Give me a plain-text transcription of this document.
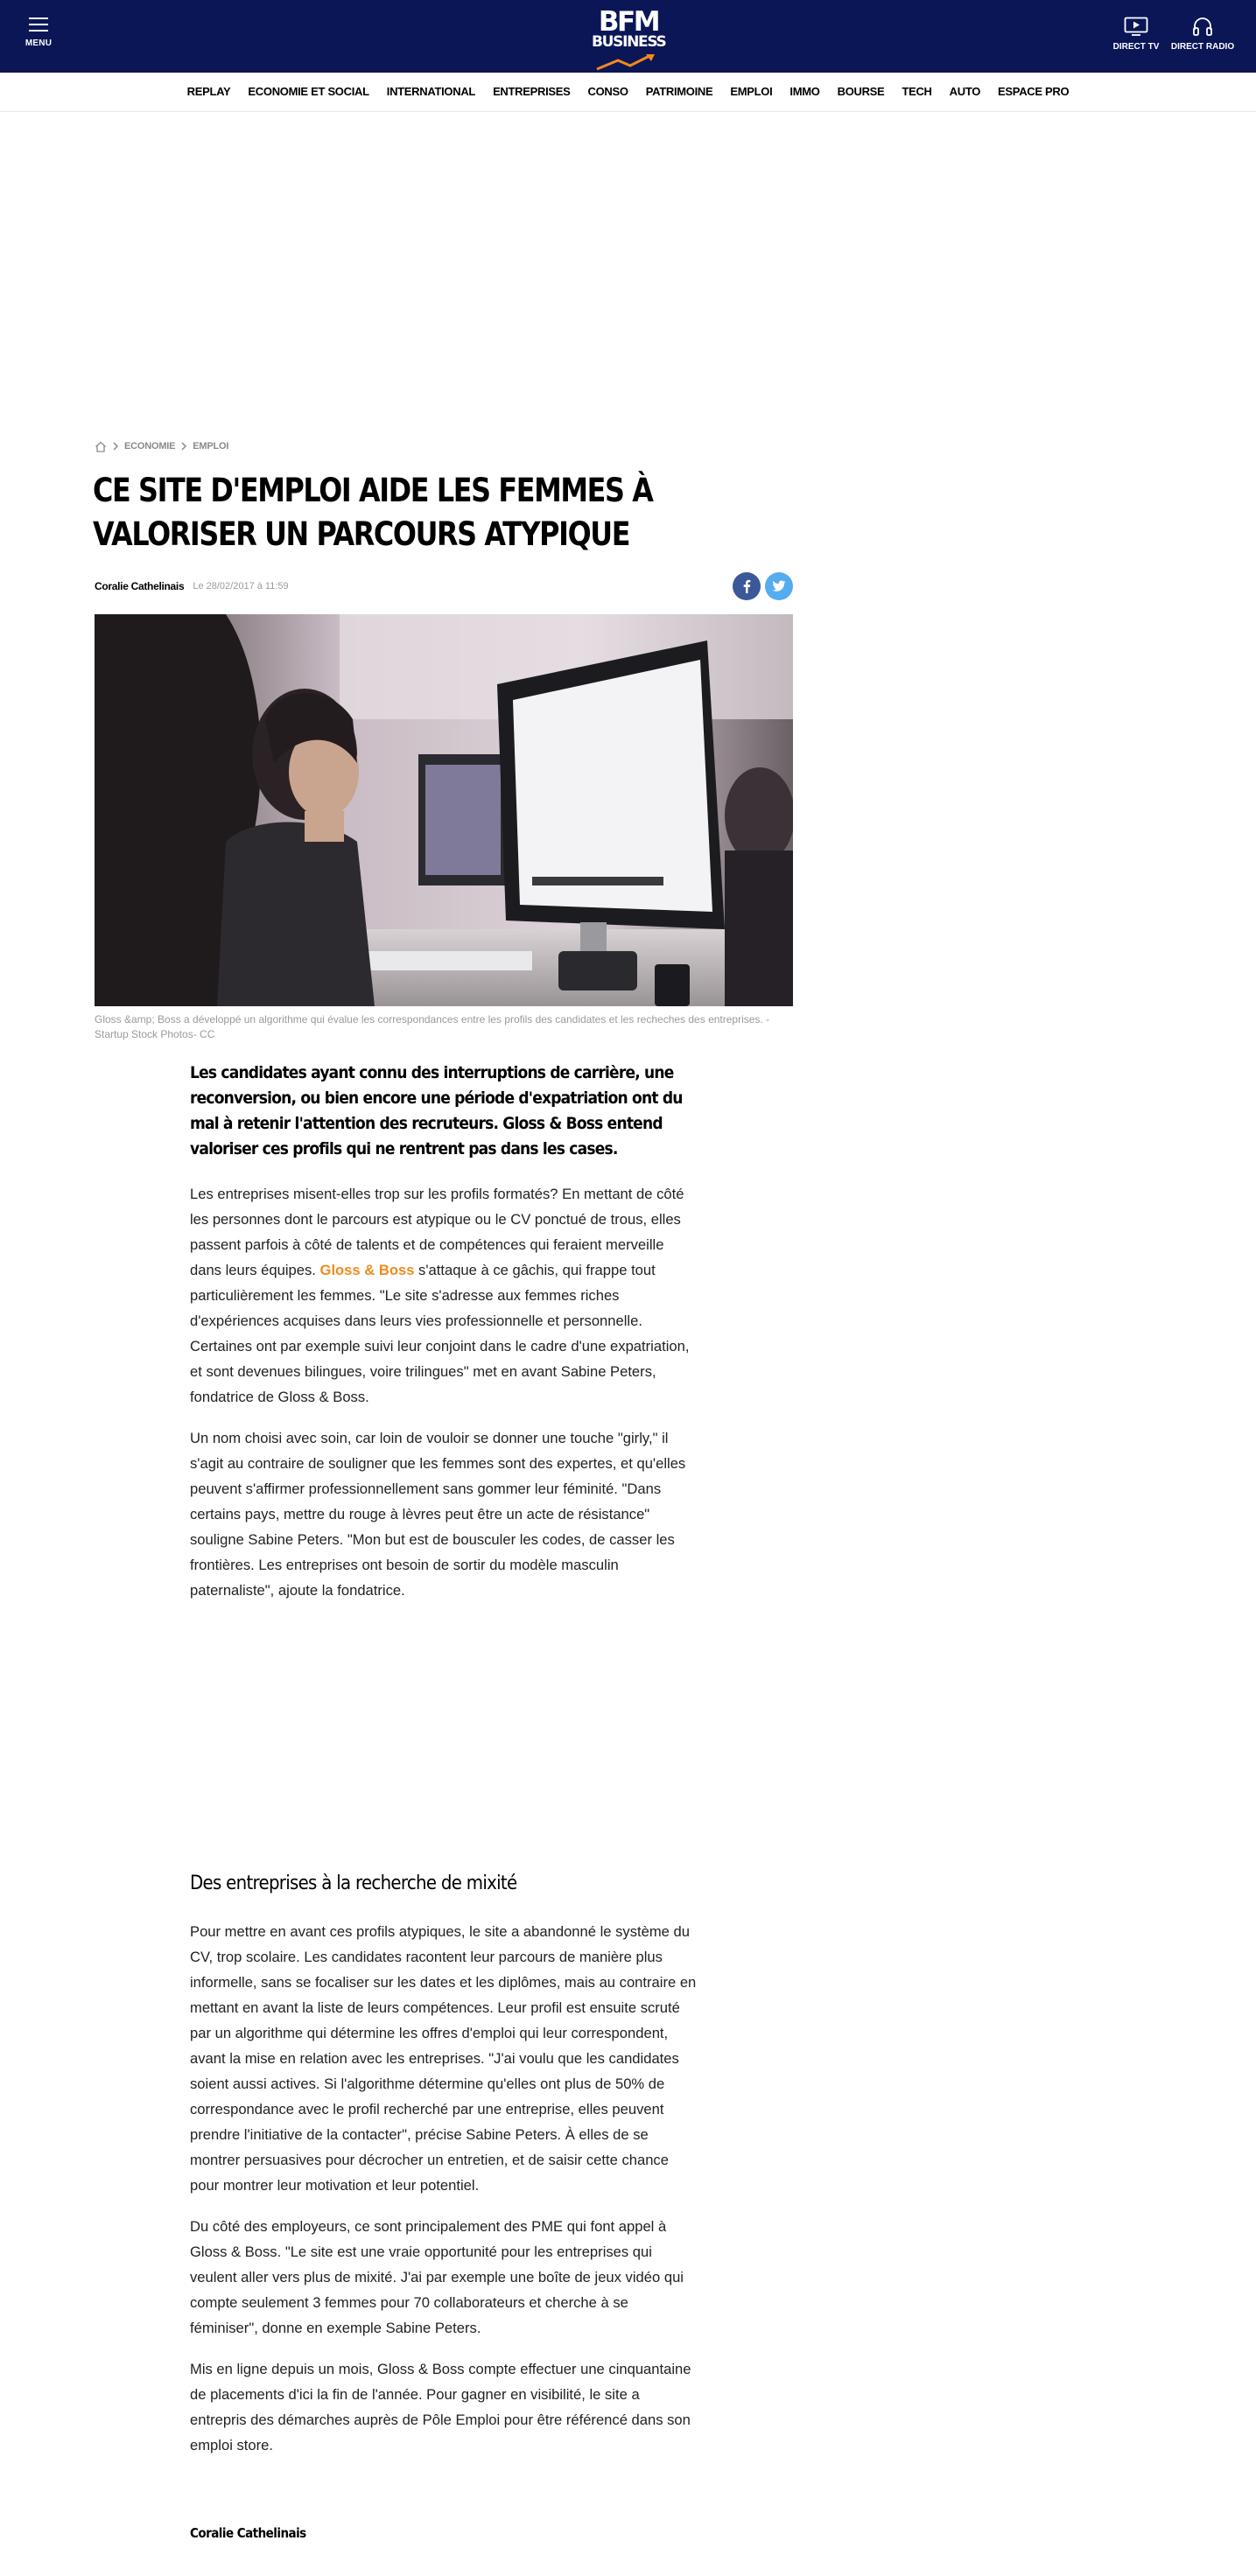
MENU
BFM
BUSINESS	DIRECT TV	DIRECT RADIO
REPLAY ECONOMIE ET SOCIAL INTERNATIONAL ENTREPRISES CONSO PATRIMOINE EMPLOI IMMO BOURSE TECH AUTO ESPACE PRO
ECONOMIE EMPLOI
CE SITE D'EMPLOI AIDE LES FEMMES À VALORISER UN PARCOURS ATYPIQUE
Coralie Cathelinais Le 28/02/2017 à 11:59
Gloss &amp; Boss a développé un algorithme qui évalue les correspondances entre les profils des candidates et les recheches des entreprises. - Startup Stock Photos- CC

Les candidates ayant connu des interruptions de carrière, une reconversion, ou bien encore une période d'expatriation ont du mal à retenir l'attention des recruteurs. Gloss & Boss entend valoriser ces profils qui ne rentrent pas dans les cases.

Les entreprises misent-elles trop sur les profils formatés? En mettant de côté les personnes dont le parcours est atypique ou le CV ponctué de trous, elles passent parfois à côté de talents et de compétences qui feraient merveille dans leurs équipes. Gloss & Boss s'attaque à ce gâchis, qui frappe tout particulièrement les femmes. "Le site s'adresse aux femmes riches d'expériences acquises dans leurs vies professionnelle et personnelle. Certaines ont par exemple suivi leur conjoint dans le cadre d'une expatriation, et sont devenues bilingues, voire trilingues" met en avant Sabine Peters, fondatrice de Gloss & Boss.

Un nom choisi avec soin, car loin de vouloir se donner une touche "girly," il s'agit au contraire de souligner que les femmes sont des expertes, et qu'elles peuvent s'affirmer professionnellement sans gommer leur féminité. "Dans certains pays, mettre du rouge à lèvres peut être un acte de résistance" souligne Sabine Peters. "Mon but est de bousculer les codes, de casser les frontières. Les entreprises ont besoin de sortir du modèle masculin paternaliste", ajoute la fondatrice.

Des entreprises à la recherche de mixité

Pour mettre en avant ces profils atypiques, le site a abandonné le système du CV, trop scolaire. Les candidates racontent leur parcours de manière plus informelle, sans se focaliser sur les dates et les diplômes, mais au contraire en mettant en avant la liste de leurs compétences. Leur profil est ensuite scruté par un algorithme qui détermine les offres d'emploi qui leur correspondent, avant la mise en relation avec les entreprises. "J'ai voulu que les candidates soient aussi actives. Si l'algorithme détermine qu'elles ont plus de 50% de correspondance avec le profil recherché par une entreprise, elles peuvent prendre l'initiative de la contacter", précise Sabine Peters. À elles de se montrer persuasives pour décrocher un entretien, et de saisir cette chance pour montrer leur motivation et leur potentiel.

Du côté des employeurs, ce sont principalement des PME qui font appel à Gloss & Boss. "Le site est une vraie opportunité pour les entreprises qui veulent aller vers plus de mixité. J'ai par exemple une boîte de jeux vidéo qui compte seulement 3 femmes pour 70 collaborateurs et cherche à se féminiser", donne en exemple Sabine Peters.

Mis en ligne depuis un mois, Gloss & Boss compte effectuer une cinquantaine de placements d'ici la fin de l'année. Pour gagner en visibilité, le site a entrepris des démarches auprès de Pôle Emploi pour être référencé dans son emploi store.

Coralie Cathelinais
